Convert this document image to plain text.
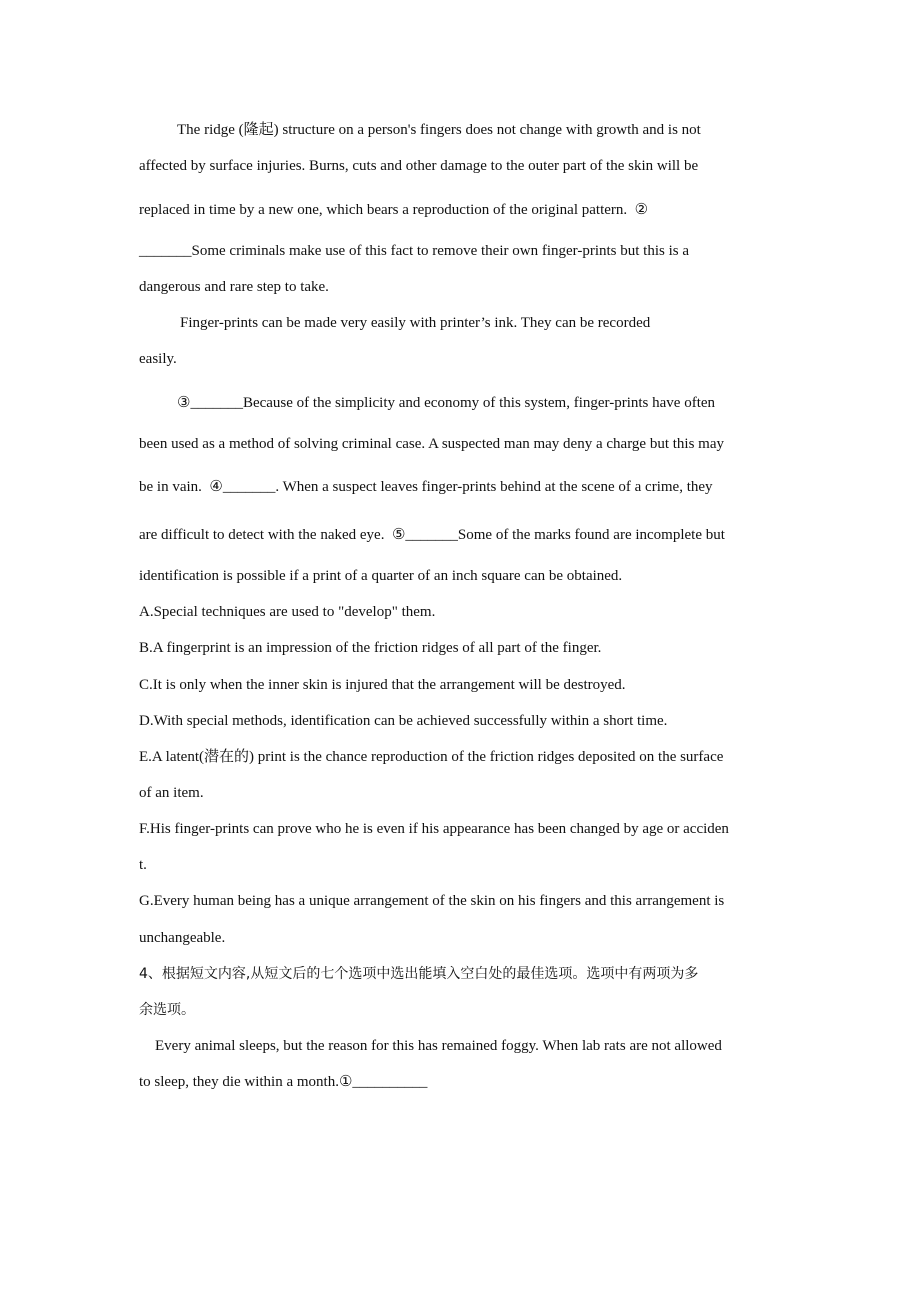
The ridge (隆起) structure on a person's fingers does not change with growth and is not
affected by surface injuries. Burns, cuts and other damage to the outer part of the skin will be
replaced in time by a new one, which bears a reproduction of the original pattern.  ②
_______Some criminals make use of this fact to remove their own finger-prints but this is a
dangerous and rare step to take.
Finger-prints can be made very easily with printer’s ink. They can be recorded
easily.
③_______Because of the simplicity and economy of this system, finger-prints have often
been used as a method of solving criminal case. A suspected man may deny a charge but this may
be in vain.  ④_______. When a suspect leaves finger-prints behind at the scene of a crime, they
are difficult to detect with the naked eye.  ⑤_______Some of the marks found are incomplete but
identification is possible if a print of a quarter of an inch square can be obtained.
A.Special techniques are used to "develop" them.
B.A fingerprint is an impression of the friction ridges of all part of the finger.
C.It is only when the inner skin is injured that the arrangement will be destroyed.
D.With special methods, identification can be achieved successfully within a short time.
E.A latent(潜在的) print is the chance reproduction of the friction ridges deposited on the surface
of an item.
F.His finger-prints can prove who he is even if his appearance has been changed by age or acciden
t.
G.Every human being has a unique arrangement of the skin on his fingers and this arrangement is
unchangeable.
4、根据短文内容,从短文后的七个选项中选出能填入空白处的最佳选项。选项中有两项为多
余选项。
Every animal sleeps, but the reason for this has remained foggy. When lab rats are not allowed
to sleep, they die within a month.①__________
